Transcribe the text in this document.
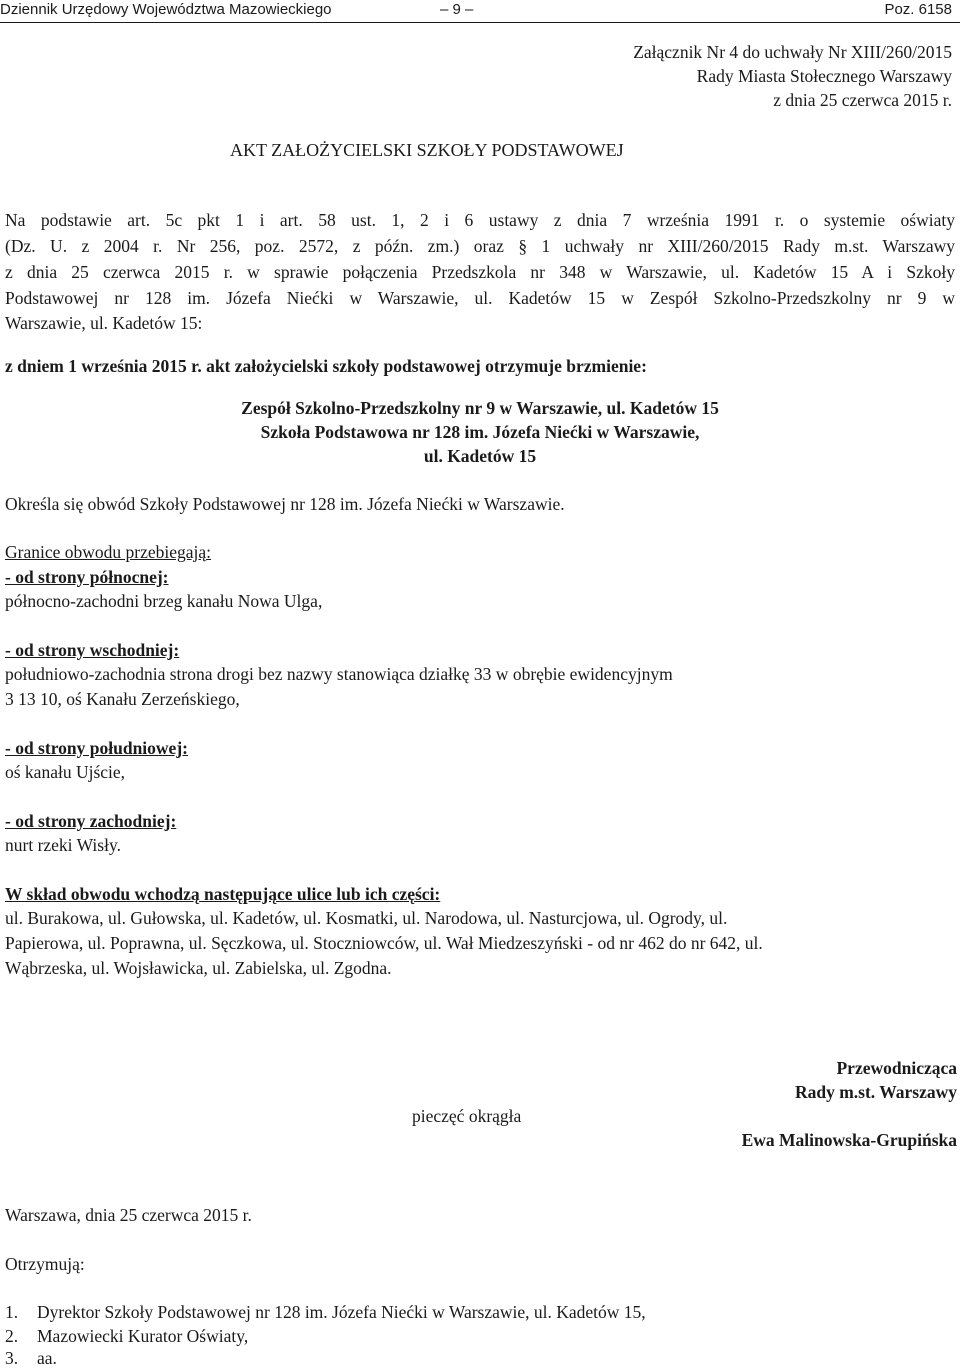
Dziennik Urzędowy Województwa Mazowieckiego	– 9 –	Poz. 6158
Załącznik Nr 4 do uchwały Nr XIII/260/2015
Rady Miasta Stołecznego Warszawy
z dnia 25 czerwca 2015 r.
AKT ZAŁOŻYCIELSKI SZKOŁY PODSTAWOWEJ
Na podstawie art. 5c pkt 1 i art. 58 ust. 1, 2 i 6 ustawy z dnia 7 września 1991 r. o systemie oświaty
(Dz. U. z 2004 r. Nr 256, poz. 2572, z późn. zm.) oraz § 1 uchwały nr XIII/260/2015 Rady m.st. Warszawy
z dnia 25 czerwca 2015 r. w sprawie połączenia Przedszkola nr 348 w Warszawie, ul. Kadetów 15 A i Szkoły
Podstawowej nr 128 im. Józefa Niećki w Warszawie, ul. Kadetów 15 w Zespół Szkolno-Przedszkolny nr 9 w
Warszawie, ul. Kadetów 15:
z dniem 1 września 2015 r. akt założycielski szkoły podstawowej otrzymuje brzmienie:
Zespół Szkolno-Przedszkolny nr 9 w Warszawie, ul. Kadetów 15
Szkoła Podstawowa nr 128 im. Józefa Niećki w Warszawie,
ul. Kadetów 15
Określa się obwód Szkoły Podstawowej nr 128 im. Józefa Niećki w Warszawie.
Granice obwodu przebiegają:
- od strony północnej:
północno-zachodni brzeg kanału Nowa Ulga,
- od strony wschodniej:
południowo-zachodnia strona drogi bez nazwy stanowiąca działkę 33 w obrębie ewidencyjnym
3 13 10, oś Kanału Zerzeńskiego,
- od strony południowej:
oś kanału Ujście,
- od strony zachodniej:
nurt rzeki Wisły.
W skład obwodu wchodzą następujące ulice lub ich części:
ul. Burakowa, ul. Gułowska, ul. Kadetów, ul. Kosmatki, ul. Narodowa, ul. Nasturcjowa, ul. Ogrody, ul.
Papierowa, ul. Poprawna, ul. Sęczkowa, ul. Stoczniowców, ul. Wał Miedzeszyński - od nr 462 do nr 642, ul.
Wąbrzeska, ul. Wojsławicka, ul. Zabielska, ul. Zgodna.
Przewodnicząca
Rady m.st. Warszawy
pieczęć okrągła
Ewa Malinowska-Grupińska
Warszawa, dnia 25 czerwca 2015 r.
Otrzymują:
1. Dyrektor Szkoły Podstawowej nr 128 im. Józefa Niećki w Warszawie, ul. Kadetów 15,
2. Mazowiecki Kurator Oświaty,
3. aa.
